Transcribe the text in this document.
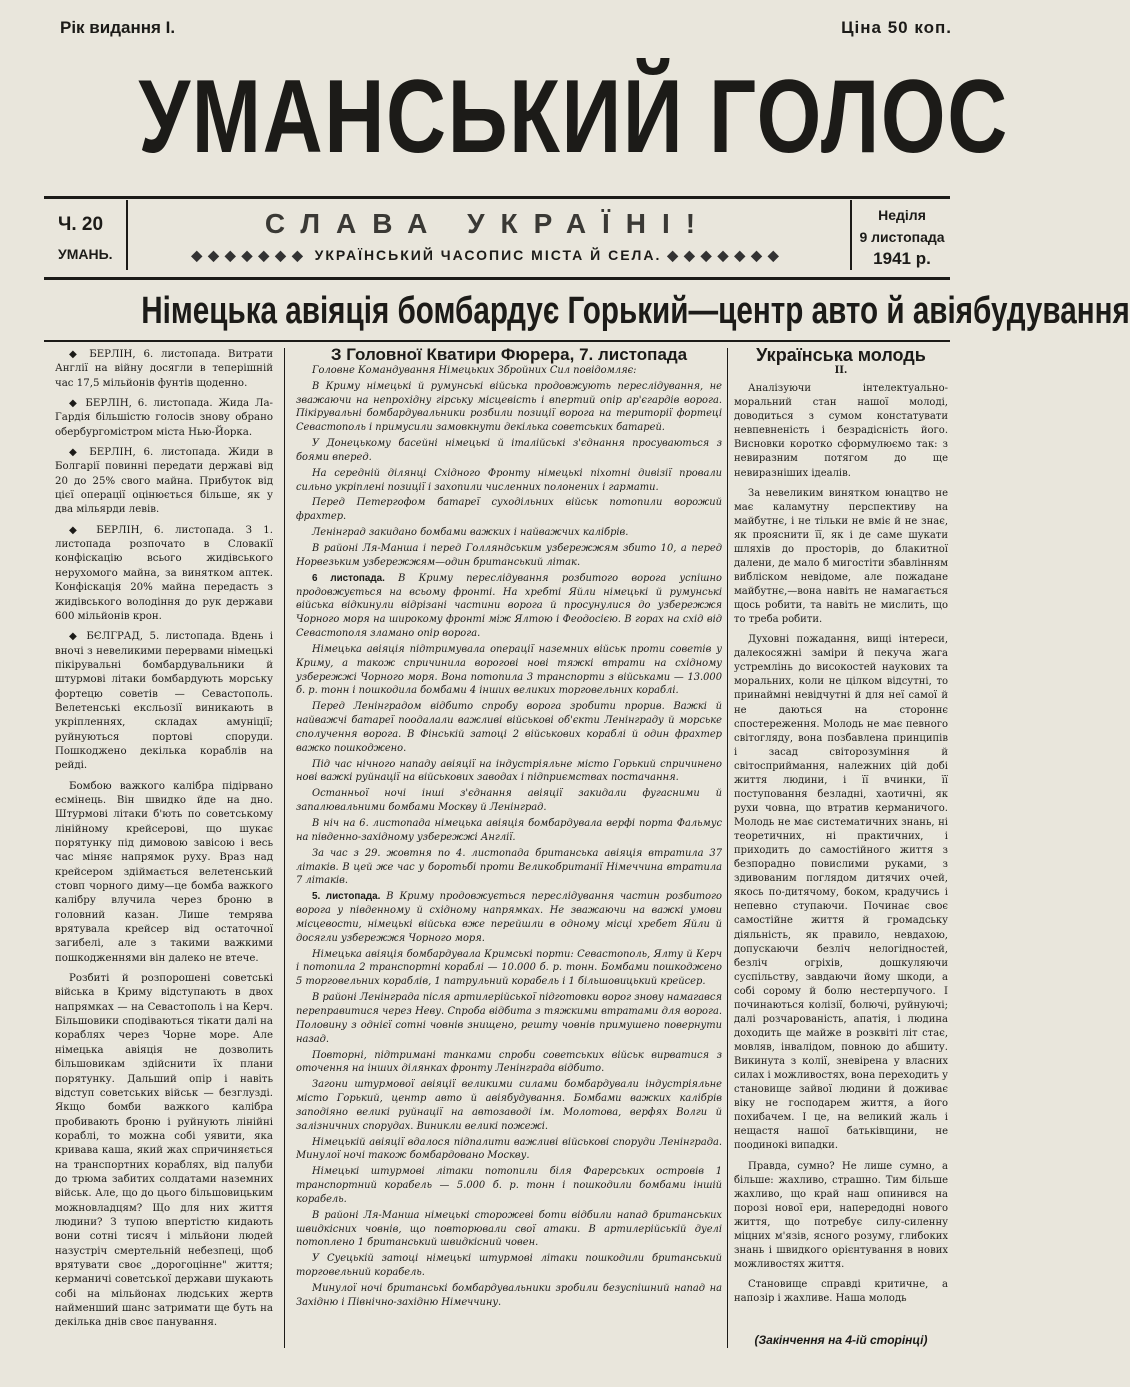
Рік видання I.	Ціна 50 коп.
УМАНСЬКИЙ ГОЛОС
Ч. 20
УМАНЬ.
СЛАВА УКРАЇНІ!
◆◆◆◆◆◆◆ УКРАЇНСЬКИЙ ЧАСОПИС МІСТА Й СЕЛА. ◆◆◆◆◆◆◆
Неділя
9 листопада
1941 р.
Німецька авіяція бомбардує Горький—центр авто й авіябудування

◆ БЕРЛІН, 6. листопада. Витрати Англії на війну досягли в теперішній час 17,5 мільйонів фунтів щоденно.

◆ БЕРЛІН, 6. листопада. Жида Ла-Гардія більшістю голосів знову обрано обербургомістром міста Нью-Йорка.

◆ БЕРЛІН, 6. листопада. Жиди в Болгарії повинні передати державі від 20 до 25% свого майна. Прибуток від цієї операції оцінюється більше, як у два мільярди левів.

◆ БЕРЛІН, 6. листопада. З 1. листопада розпочато в Словакії конфіскацію всього жидівського нерухомого майна, за винятком аптек. Конфіскація 20% майна передасть з жидівського володіння до рук держави 600 мільйонів крон.

◆ БЄЛГРАД, 5. листопада. Вдень і вночі з невеликими перервами німецькі пікірувальні бомбардувальники й штурмові літаки бомбардують морську фортецю советів — Севастополь. Велетенські ексльозії виникають в укріпленнях, складах амуніції; руйнуються портові споруди. Пошкоджено декілька кораблів на рейді.

Бомбою важкого калібра підірвано есмінець. Він швидко йде на дно. Штурмові літаки б'ють по советському лінійному крейсерові, що шукає порятунку під димовою завісою і весь час міняє напрямок руху. Враз над крейсером здіймається велетенський стовп чорного диму—це бомба важкого калібру влучила через броню в головний казан. Лише темрява врятувала крейсер від остаточної загибелі, але з такими важкими пошкодженнями він далеко не втече.

Розбиті й розпорошені советські війська в Криму відступають в двох напрямках — на Севастополь і на Керч. Більшовики сподіваються тікати далі на кораблях через Чорне море. Але німецька авіяція не дозволить більшовикам здійснити їх плани порятунку. Дальший опір і навіть відступ советських військ — безглузді. Якщо бомби важкого калібра пробивають броню і руйнують лінійні кораблі, то можна собі уявити, яка кривава каша, який жах спричиняється на транспортних кораблях, від палуби до трюма забитих солдатами наземних військ. Але, що до цього більшовицьким можновладцям? Що для них життя людини? З тупою впертістю кидають вони сотні тисяч і мільйони людей назустріч смертельній небезпеці, щоб врятувати своє „дорогоцінне" життя; керманичі советської держави шукають собі на мільйонах людських жертв найменший шанс затримати ще буть на декілька днів своє панування.

З Головної Кватири Фюрера, 7. листопада

Головне Командування Німецьких Збройних Сил повідомляє:

В Криму німецькі й румунські війська продовжують переслідування, не зважаючи на непрохідну гірську місцевість і впертий опір ар'єгардів ворога. Пікірувальні бомбардувальники розбили позиції ворога на території фортеці Севастополь і примусили замовкнути декілька советських батарей.

У Донецькому басейні німецькі й італійські з'єднання просуваються з боями вперед.

На середній ділянці Східного Фронту німецькі піхотні дивізії провали сильно укріплені позиції і захопили численних полонених і гармати.

Перед Петергофом батареї суходільних військ потопили ворожий фрахтер.

Ленінград закидано бомбами важких і найважчих калібрів.

В районі Ля-Манша і перед Голляндським узбережжям збито 10, а перед Норвезьким узбережжям—один британський літак.

6 листопада. В Криму переслідування розбитого ворога успішно продовжується на всьому фронті. На хребті Яйли німецькі й румунські війська відкинули відрізані частини ворога й просунулися до узбережжя Чорного моря на широкому фронті між Ялтою і Феодосією. В горах на схід від Севастополя зламано опір ворога.

Німецька авіяція підтримувала операції наземних військ проти советів у Криму, а також спричинила ворогові нові тяжкі втрати на східному узбережжі Чорного моря. Вона потопила 3 транспорти з військами — 13.000 б. р. тонн і пошкодила бомбами 4 інших великих торговельних кораблі.

Перед Ленінградом відбито спробу ворога зробити прорив. Важкі й найважчі батареї поодалали важливі військові об'єкти Ленінграду й морське сполучення ворога. В Фінській затоці 2 військових кораблі й один фрахтер важко пошкоджено.

Під час нічного нападу авіяції на індустріяльне місто Горький спричинено нові важкі руйнації на військових заводах і підприємствах постачання.

Останньої ночі інші з'єднання авіяції закидали фугасними й запалювальними бомбами Москву й Ленінград.

В ніч на 6. листопада німецька авіяція бомбардувала верфі порта Фальмус на південно-західному узбережжі Англії.

За час з 29. жовтня по 4. листопада британська авіяція втратила 37 літаків. В цей же час у боротьбі проти Великобританії Німеччина втратила 7 літаків.

5. листопада. В Криму продовжується переслідування частин розбитого ворога у південному й східному напрямках. Не зважаючи на важкі умови місцевости, німецькі війська вже перейшли в одному місці хребет Яйли й досягли узбережжя Чорного моря.

Німецька авіяція бомбардувала Кримські порти: Севастополь, Ялту й Керч і потопила 2 транспортні кораблі — 10.000 б. р. тонн. Бомбами пошкоджено 5 торговельних кораблів, 1 патрульний корабель і 1 більшовицький крейсер.

В районі Ленінграда після артилерійської підготовки ворог знову намагався переправитися через Неву. Спроба відбита з тяжкими втратами для ворога. Половину з однієї сотні човнів знищено, решту човнів примушено повернути назад.

Повторні, підтримані танками спроби советських військ вирватися з оточення на інших ділянках фронту Ленінграда відбито.

Загони штурмової авіяції великими силами бомбардували індустріяльне місто Горький, центр авто й авіябудування. Бомбами важких калібрів заподіяно великі руйнації на автозаводі ім. Молотова, верфях Волги й залізничних спорудах. Виникли великі пожежі.

Німецькій авіяції вдалося підпалити важливі військові споруди Ленінграда. Минулої ночі також бомбардовано Москву.

Німецькі штурмові літаки потопили біля Фарерських островів 1 транспортний корабель — 5.000 б. р. тонн і пошкодили бомбами іншій корабель.

В районі Ля-Манша німецькі сторожеві боти відбили напад британських швидкісних човнів, що повторювали свої атаки. В артилерійській дуелі потоплено 1 британський швидкісний човен.

У Суецькій затоці німецькі штурмові літаки пошкодили британський торговельний корабель.

Минулої ночі британські бомбардувальники зробили безуспішний напад на Західню і Північно-західню Німеччину.

Українська молодь
II.

Аналізуючи інтелектуально-моральний стан нашої молоді, доводиться з сумом констатувати невпевненість і безрадісність його. Висновки коротко сформулюємо так: з невиразним потягом до ще невиразніших ідеалів.

За невеликим винятком юнацтво не має каламутну перспективу на майбутнє, і не тільки не вміє й не знає, як прояснити її, як і де саме шукати шляхів до просторів, до блакитної далени, де мало б мигостіти збавлінням вибліском невідоме, але пожадане майбутнє,—вона навіть не намагається щось робити, та навіть не мислить, що то треба робити.

Духовні пожадання, вищі інтереси, далекосяжні заміри й пекуча жага устремлінь до високостей наукових та моральних, коли не цілком відсутні, то принаймні невідчутні й для неї самої й не даються на стороннє спостереження. Молодь не має певного світогляду, вона позбавлена принципів і засад світорозуміння й світосприймання, належних цій добі життя людини, і її вчинки, її поступовання безладні, хаотичні, як рухи човна, що втратив керманичого. Молодь не має систематичних знань, ні теоретичних, ні практичних, і приходить до самостійного життя з безпорадно повислими руками, з здивованим поглядом дитячих очей, якось по-дитячому, боком, крадучись і непевно ступаючи. Починає своє самостійне життя й громадську діяльність, як правило, невдахою, допускаючи безліч нелогідностей, безліч огріхів, дошкуляючи суспільству, завдаючи йому шкоди, а собі сорому й болю нестерпучого. І починаються колізії, болючі, руйнуючі; далі розчарованість, апатія, і людина доходить ще майже в розквіті літ стає, мовляв, інвалідом, повною до абшиту. Викинута з колії, зневірена у власних силах і можливостях, вона переходить у становище зайвої людини й доживає віку не господарем життя, а його похибачем. І це, на великий жаль і нещастя нашої батьківщини, не поодинокі випадки.

Правда, сумно? Не лише сумно, а більше: жахливо, страшно. Тим більше жахливо, що край наш опинився на порозі нової ери, напередодні нового життя, що потребує силу-силенну міцних м'язів, ясного розуму, глибоких знань і швидкого орієнтування в нових можливостях життя.

Становище справді критичне, а напозір і жахливе. Наша молодь

(Закінчення на 4-ій сторінці)
